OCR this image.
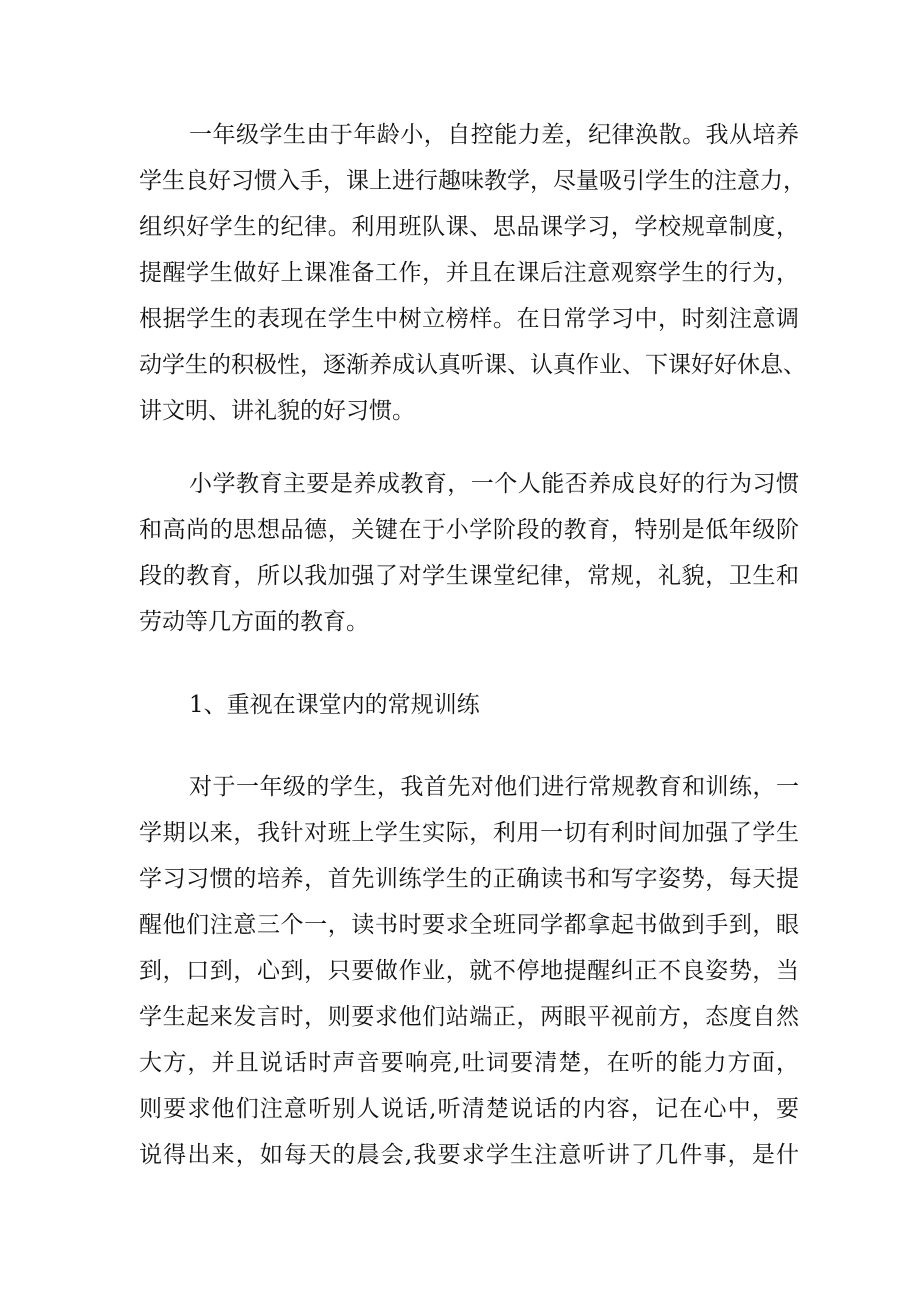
一年级学生由于年龄小，自控能力差，纪律涣散。我从培养
学生良好习惯入手，课上进行趣味教学，尽量吸引学生的注意力，
组织好学生的纪律。利用班队课、思品课学习，学校规章制度，
提醒学生做好上课准备工作，并且在课后注意观察学生的行为，
根据学生的表现在学生中树立榜样。在日常学习中，时刻注意调
动学生的积极性，逐渐养成认真听课、认真作业、下课好好休息、
讲文明、讲礼貌的好习惯。
小学教育主要是养成教育，一个人能否养成良好的行为习惯
和高尚的思想品德，关键在于小学阶段的教育，特别是低年级阶
段的教育，所以我加强了对学生课堂纪律，常规，礼貌，卫生和
劳动等几方面的教育。
1、重视在课堂内的常规训练
对于一年级的学生，我首先对他们进行常规教育和训练，一
学期以来，我针对班上学生实际，利用一切有利时间加强了学生
学习习惯的培养，首先训练学生的正确读书和写字姿势，每天提
醒他们注意三个一，读书时要求全班同学都拿起书做到手到，眼
到，口到，心到，只要做作业，就不停地提醒纠正不良姿势，当
学生起来发言时，则要求他们站端正，两眼平视前方，态度自然
大方，并且说话时声音要响亮,吐词要清楚，在听的能力方面，
则要求他们注意听别人说话,听清楚说话的内容，记在心中，要
说得出来，如每天的晨会,我要求学生注意听讲了几件事，是什
